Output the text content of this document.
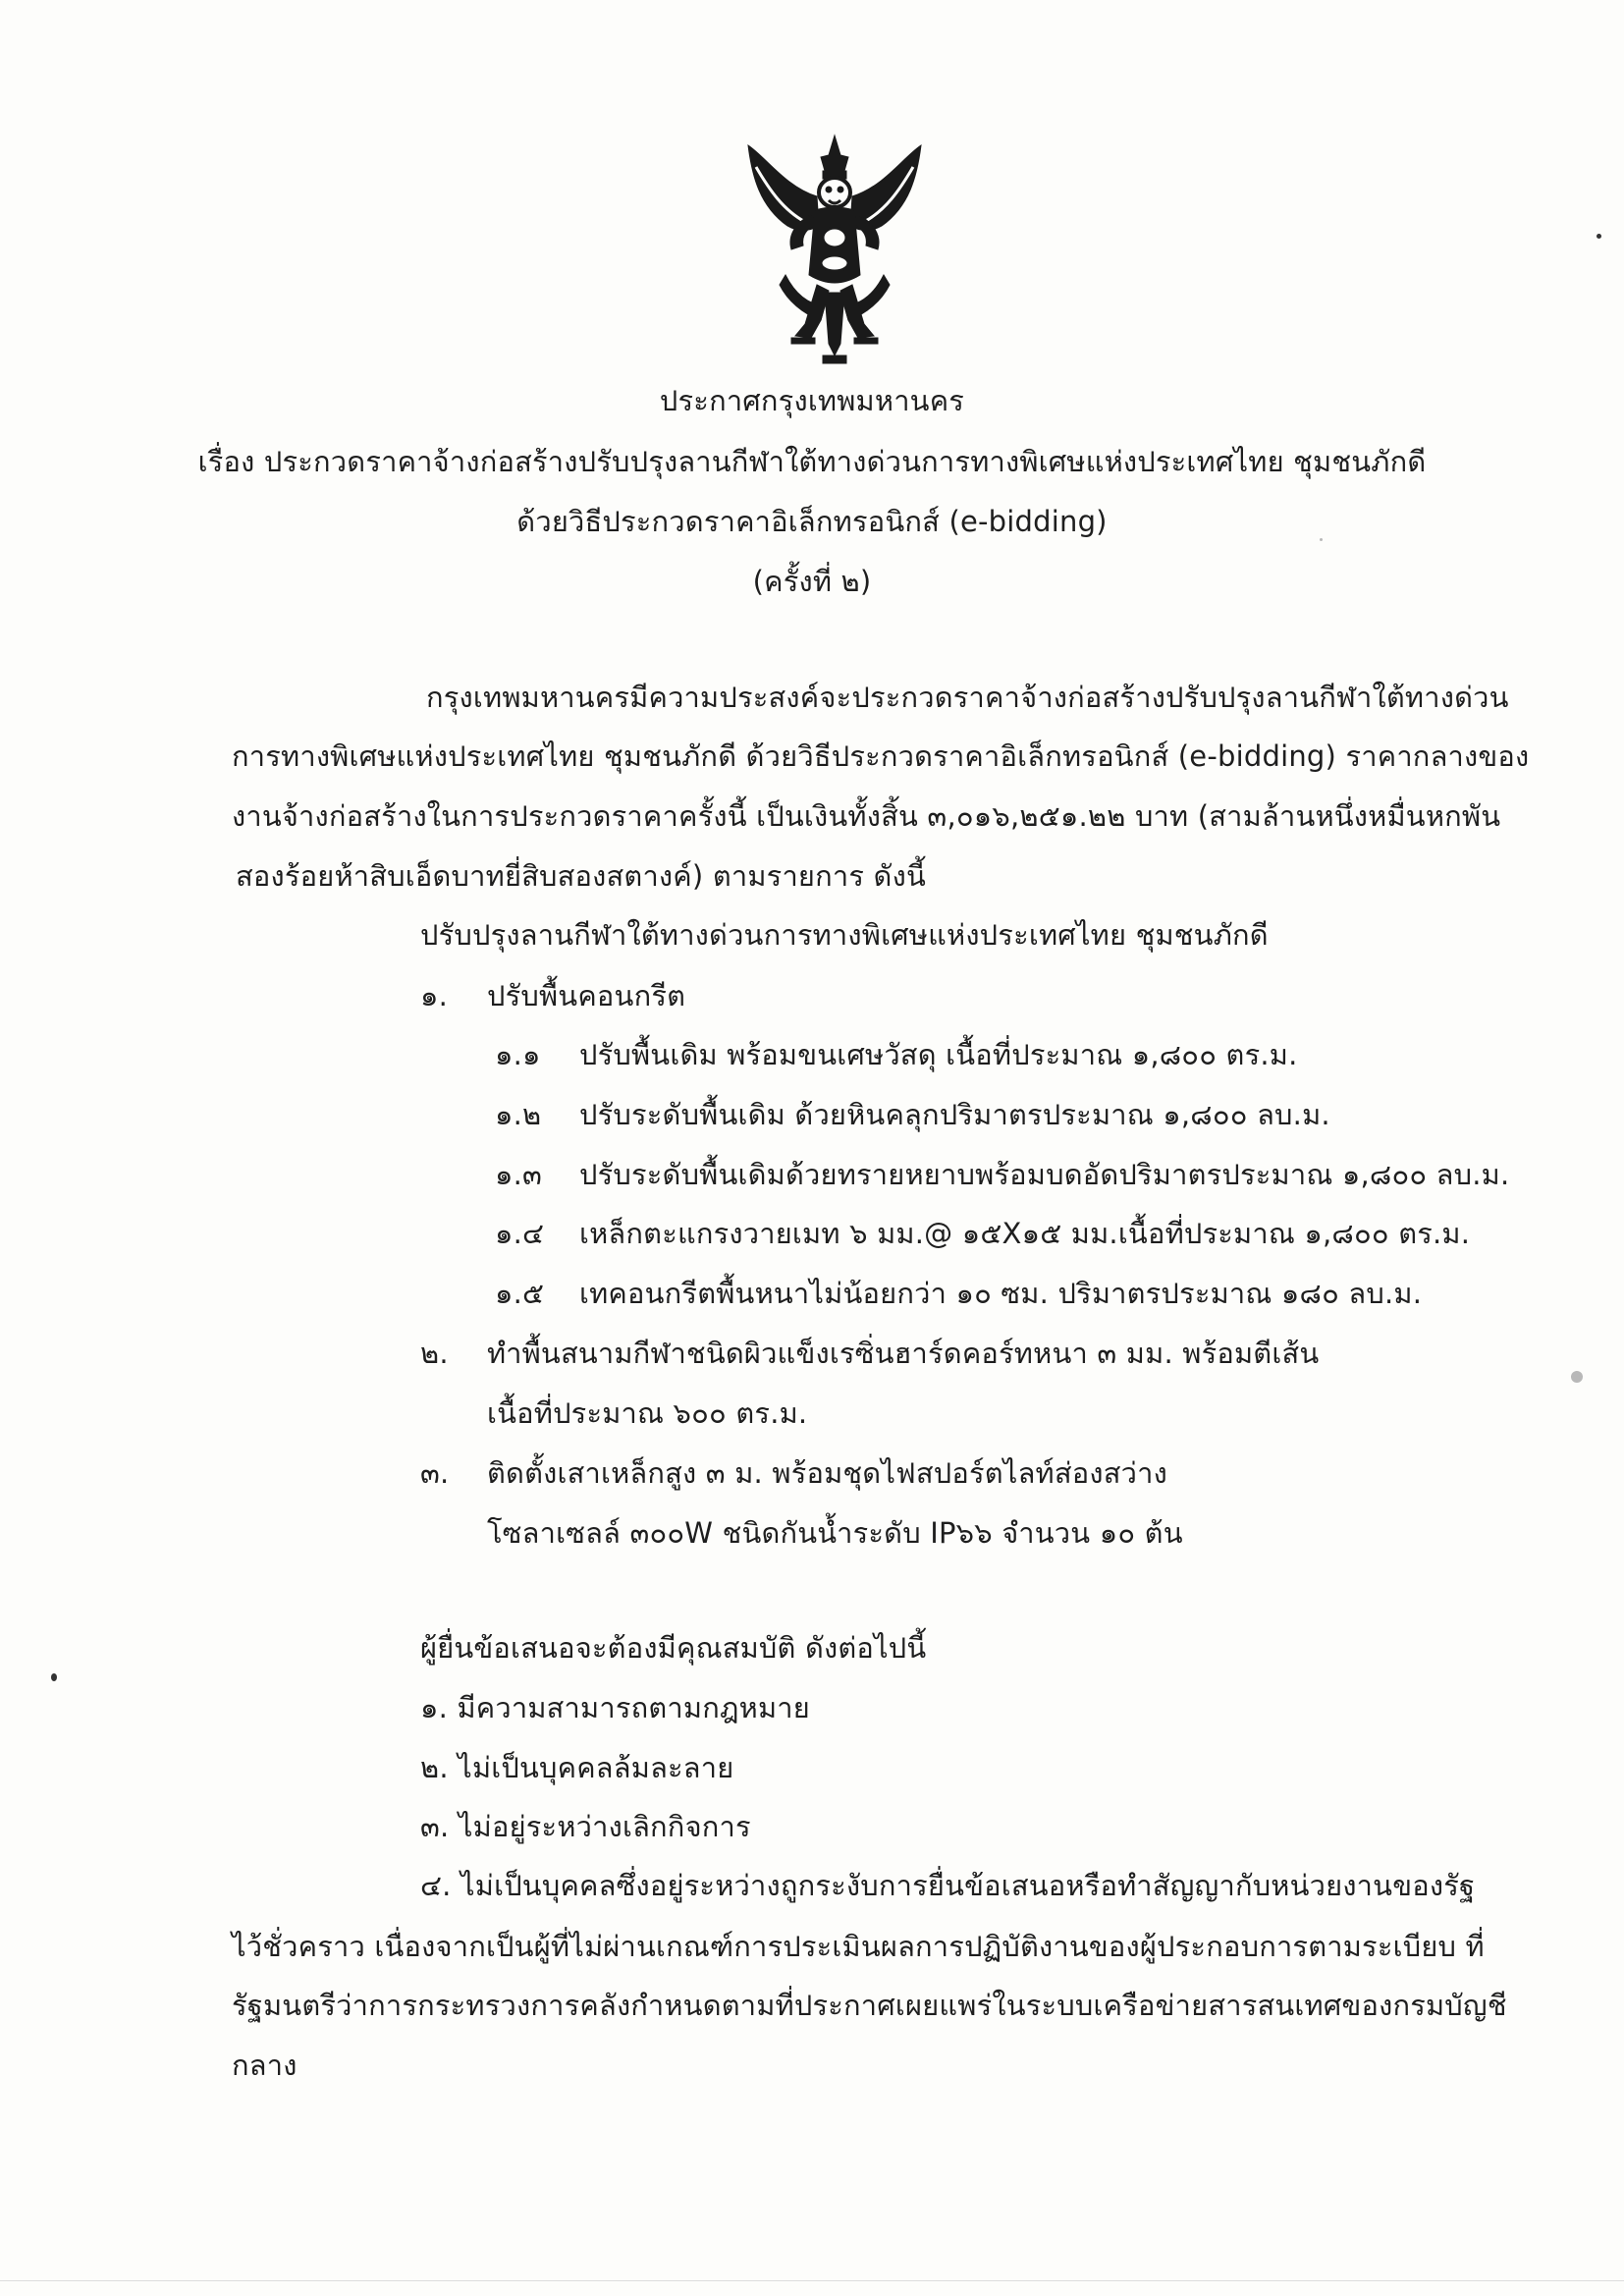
ประกาศกรุงเทพมหานคร
เรื่อง ประกวดราคาจ้างก่อสร้างปรับปรุงลานกีฬาใต้ทางด่วนการทางพิเศษแห่งประเทศไทย ชุมชนภักดี
ด้วยวิธีประกวดราคาอิเล็กทรอนิกส์ (e-bidding)
(ครั้งที่ ๒)
กรุงเทพมหานครมีความประสงค์จะประกวดราคาจ้างก่อสร้างปรับปรุงลานกีฬาใต้ทางด่วน
การทางพิเศษแห่งประเทศไทย ชุมชนภักดี ด้วยวิธีประกวดราคาอิเล็กทรอนิกส์ (e-bidding) ราคากลางของ
งานจ้างก่อสร้างในการประกวดราคาครั้งนี้ เป็นเงินทั้งสิ้น ๓,๐๑๖,๒๕๑.๒๒ บาท (สามล้านหนึ่งหมื่นหกพัน
สองร้อยห้าสิบเอ็ดบาทยี่สิบสองสตางค์) ตามรายการ ดังนี้
ปรับปรุงลานกีฬาใต้ทางด่วนการทางพิเศษแห่งประเทศไทย ชุมชนภักดี
๑. ปรับพื้นคอนกรีต
๑.๑ ปรับพื้นเดิม พร้อมขนเศษวัสดุ เนื้อที่ประมาณ ๑,๘๐๐ ตร.ม.
๑.๒ ปรับระดับพื้นเดิม ด้วยหินคลุกปริมาตรประมาณ ๑,๘๐๐ ลบ.ม.
๑.๓ ปรับระดับพื้นเดิมด้วยทรายหยาบพร้อมบดอัดปริมาตรประมาณ ๑,๘๐๐ ลบ.ม.
๑.๔ เหล็กตะแกรงวายเมท ๖ มม.@ ๑๕X๑๕ มม.เนื้อที่ประมาณ ๑,๘๐๐ ตร.ม.
๑.๕ เทคอนกรีตพื้นหนาไม่น้อยกว่า ๑๐ ซม. ปริมาตรประมาณ ๑๘๐ ลบ.ม.
๒. ทำพื้นสนามกีฬาชนิดผิวแข็งเรซิ่นฮาร์ดคอร์ทหนา ๓ มม. พร้อมตีเส้น
เนื้อที่ประมาณ ๖๐๐ ตร.ม.
๓. ติดตั้งเสาเหล็กสูง ๓ ม. พร้อมชุดไฟสปอร์ตไลท์ส่องสว่าง
โซลาเซลล์ ๓๐๐W ชนิดกันน้ำระดับ IP๖๖ จำนวน ๑๐ ต้น
ผู้ยื่นข้อเสนอจะต้องมีคุณสมบัติ ดังต่อไปนี้
๑. มีความสามารถตามกฎหมาย
๒. ไม่เป็นบุคคลล้มละลาย
๓. ไม่อยู่ระหว่างเลิกกิจการ
๔. ไม่เป็นบุคคลซึ่งอยู่ระหว่างถูกระงับการยื่นข้อเสนอหรือทำสัญญากับหน่วยงานของรัฐ
ไว้ชั่วคราว เนื่องจากเป็นผู้ที่ไม่ผ่านเกณฑ์การประเมินผลการปฏิบัติงานของผู้ประกอบการตามระเบียบ ที่
รัฐมนตรีว่าการกระทรวงการคลังกำหนดตามที่ประกาศเผยแพร่ในระบบเครือข่ายสารสนเทศของกรมบัญชี
กลาง
